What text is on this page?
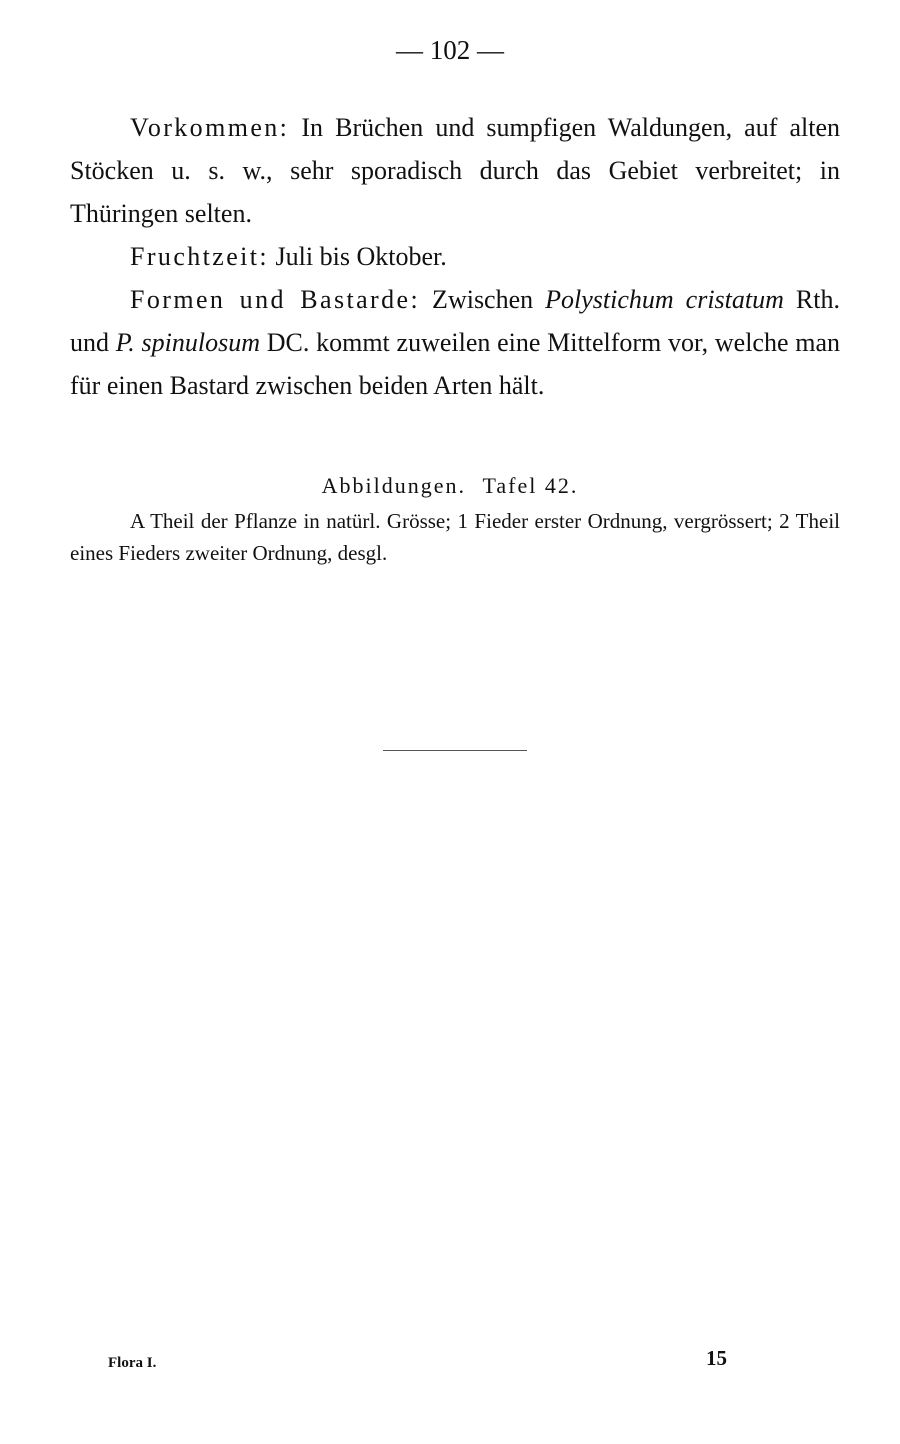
— 102 —

Vorkommen: In Brüchen und sumpfigen Waldungen, auf alten Stöcken u. s. w., sehr sporadisch durch das Gebiet verbreitet; in Thüringen selten.

Fruchtzeit: Juli bis Oktober.

Formen und Bastarde: Zwischen Polystichum cristatum Rth. und P. spinulosum DC. kommt zuweilen eine Mittelform vor, welche man für einen Bastard zwischen beiden Arten hält.

Abbildungen. Tafel 42.

A Theil der Pflanze in natürl. Grösse; 1 Fieder erster Ordnung, vergrössert; 2 Theil eines Fieders zweiter Ordnung, desgl.

Flora I.	15
